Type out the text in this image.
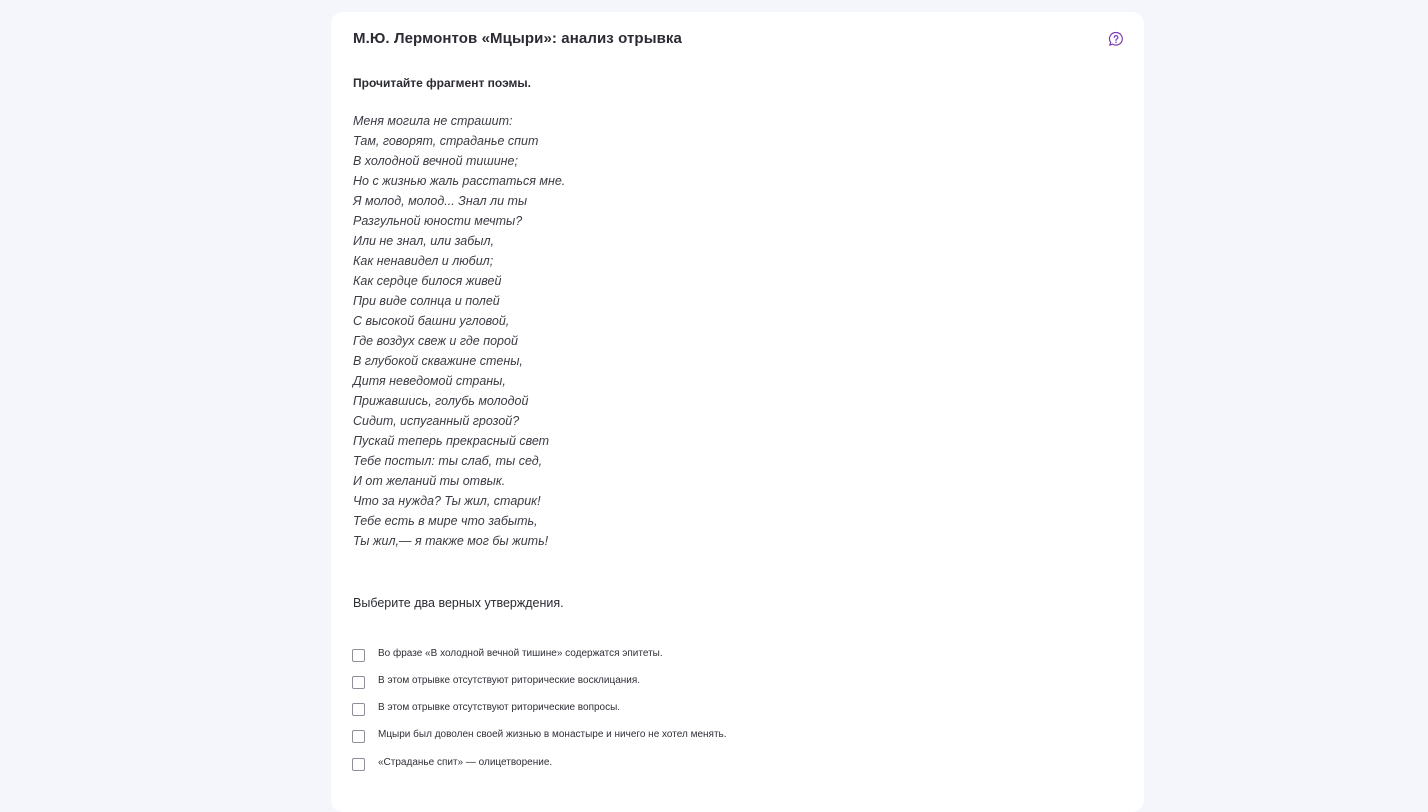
М.Ю. Лермонтов «Мцыри»: анализ отрывка
Прочитайте фрагмент поэмы.
Меня могила не страшит:
Там, говорят, страданье спит
В холодной вечной тишине;
Но с жизнью жаль расстаться мне.
Я молод, молод... Знал ли ты
Разгульной юности мечты?
Или не знал, или забыл,
Как ненавидел и любил;
Как сердце билося живей
При виде солнца и полей
С высокой башни угловой,
Где воздух свеж и где порой
В глубокой скважине стены,
Дитя неведомой страны,
Прижавшись, голубь молодой
Сидит, испуганный грозой?
Пускай теперь прекрасный свет
Тебе постыл: ты слаб, ты сед,
И от желаний ты отвык.
Что за нужда? Ты жил, старик!
Тебе есть в мире что забыть,
Ты жил,— я также мог бы жить!
Выберите два верных утверждения.
Во фразе «В холодной вечной тишине» содержатся эпитеты.
В этом отрывке отсутствуют риторические восклицания.
В этом отрывке отсутствуют риторические вопросы.
Мцыри был доволен своей жизнью в монастыре и ничего не хотел менять.
«Страданье спит» — олицетворение.
